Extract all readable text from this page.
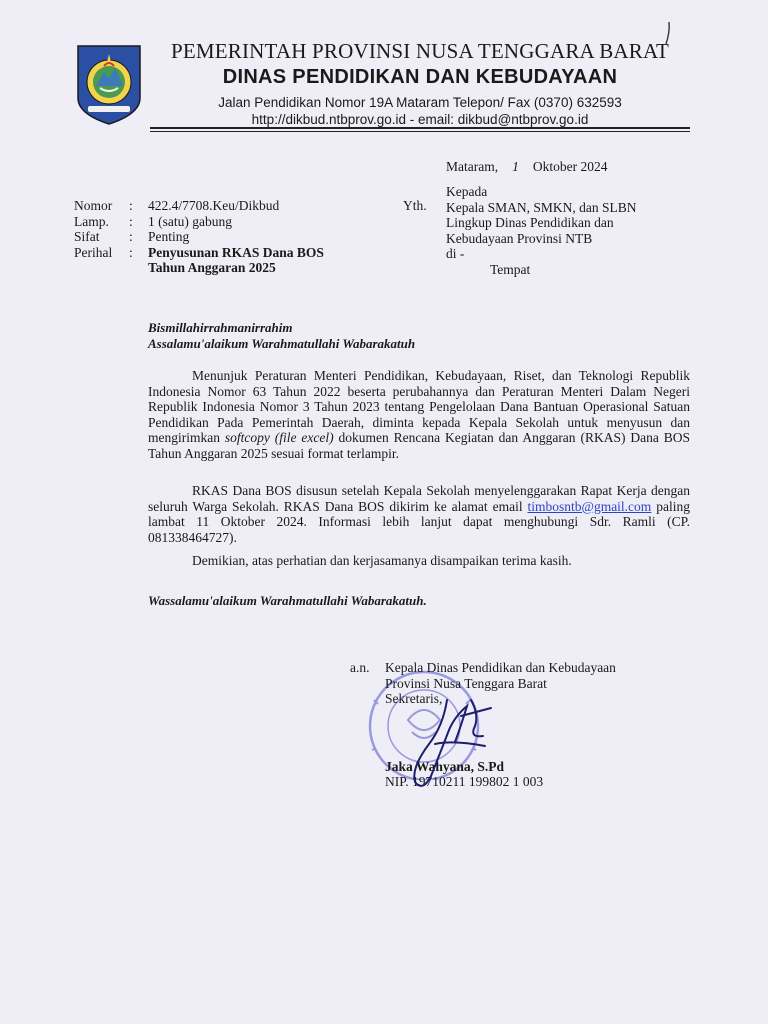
PEMERINTAH PROVINSI NUSA TENGGARA BARAT
DINAS PENDIDIKAN DAN KEBUDAYAAN
Jalan Pendidikan Nomor 19A Mataram Telepon/ Fax (0370) 632593
http://dikbud.ntbprov.go.id - email: dikbud@ntbprov.go.id
Mataram, 1 Oktober 2024
Yth.
Kepada
Kepala SMAN, SMKN, dan SLBN
Lingkup Dinas Pendidikan dan
Kebudayaan Provinsi NTB
di -
Tempat
Nomor	:	422.4/7708.Keu/Dikbud
Lamp.	:	1 (satu) gabung
Sifat	:	Penting
Perihal	:	Penyusunan RKAS Dana BOS
Tahun Anggaran 2025
Bismillahirrahmanirrahim
Assalamu'alaikum Warahmatullahi Wabarakatuh
Menunjuk Peraturan Menteri Pendidikan, Kebudayaan, Riset, dan Teknologi Republik Indonesia Nomor 63 Tahun 2022 beserta perubahannya dan Peraturan Menteri Dalam Negeri Republik Indonesia Nomor 3 Tahun 2023 tentang Pengelolaan Dana Bantuan Operasional Satuan Pendidikan Pada Pemerintah Daerah, diminta kepada Kepala Sekolah untuk menyusun dan mengirimkan softcopy (file excel) dokumen Rencana Kegiatan dan Anggaran (RKAS) Dana BOS Tahun Anggaran 2025 sesuai format terlampir.
RKAS Dana BOS disusun setelah Kepala Sekolah menyelenggarakan Rapat Kerja dengan seluruh Warga Sekolah. RKAS Dana BOS dikirim ke alamat email timbosntb@gmail.com paling lambat 11 Oktober 2024. Informasi lebih lanjut dapat menghubungi Sdr. Ramli (CP. 081338464727).
Demikian, atas perhatian dan kerjasamanya disampaikan terima kasih.
Wassalamu'alaikum Warahmatullahi Wabarakatuh.
a.n. Kepala Dinas Pendidikan dan Kebudayaan
Provinsi Nusa Tenggara Barat
Sekretaris,
Jaka Wahyana, S.Pd
NIP. 19710211 199802 1 003
